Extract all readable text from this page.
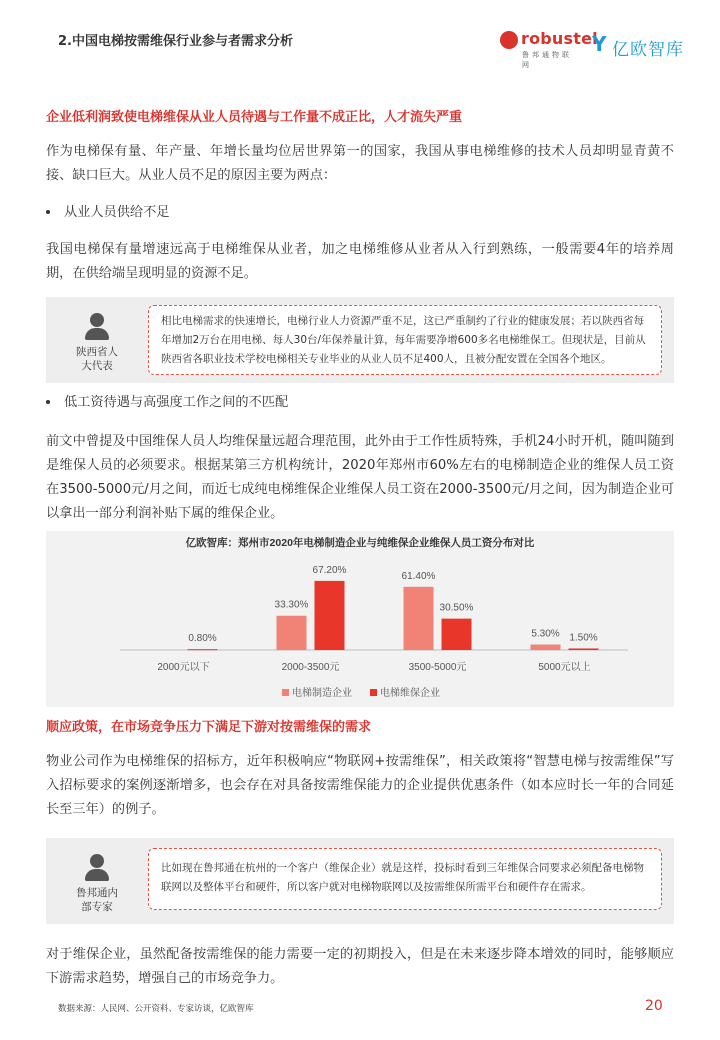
2.中国电梯按需维保行业参与者需求分析	robustel
鲁邦通物联网
Y 亿欧智库
企业低利润致使电梯维保从业人员待遇与工作量不成正比，人才流失严重
作为电梯保有量、年产量、年增长量均位居世界第一的国家，我国从事电梯维修的技术人员却明显青黄不接、缺口巨大。从业人员不足的原因主要为两点：
从业人员供给不足
我国电梯保有量增速远高于电梯维保从业者，加之电梯维修从业者从入行到熟练，一般需要4年的培养周期，在供给端呈现明显的资源不足。
陕西省人大代表
相比电梯需求的快速增长，电梯行业人力资源严重不足，这已严重制约了行业的健康发展；若以陕西省每年增加2万台在用电梯、每人30台/年保养量计算，每年需要净增600多名电梯维保工。但现状是，目前从陕西省各职业技术学校电梯相关专业毕业的从业人员不足400人，且被分配安置在全国各个地区。
低工资待遇与高强度工作之间的不匹配
前文中曾提及中国维保人员人均维保量远超合理范围，此外由于工作性质特殊，手机24小时开机，随叫随到是维保人员的必须要求。根据某第三方机构统计，2020年郑州市60%左右的电梯制造企业的维保人员工资在3500-5000元/月之间，而近七成纯电梯维保企业维保人员工资在2000-3500元/月之间，因为制造企业可以拿出一部分利润补贴下属的维保企业。
亿欧智库：郑州市2020年电梯制造企业与纯维保企业维保人员工资分布对比
0.80%
33.30%
67.20%
61.40%
30.50%
5.30% 1.50%
2000元以下	2000-3500元	3500-5000元	5000元以上
电梯制造企业	电梯维保企业
顺应政策，在市场竞争压力下满足下游对按需维保的需求
物业公司作为电梯维保的招标方，近年积极响应“物联网+按需维保”，相关政策将“智慧电梯与按需维保”写入招标要求的案例逐渐增多，也会存在对具备按需维保能力的企业提供优惠条件（如本应时长一年的合同延长至三年）的例子。
鲁邦通内部专家
比如现在鲁邦通在杭州的一个客户（维保企业）就是这样，投标时看到三年维保合同要求必须配备电梯物联网以及整体平台和硬件，所以客户就对电梯物联网以及按需维保所需平台和硬件存在需求。
对于维保企业，虽然配备按需维保的能力需要一定的初期投入，但是在未来逐步降本增效的同时，能够顺应下游需求趋势，增强自己的市场竞争力。
数据来源：人民网、公开资料、专家访谈，亿欧智库	20
